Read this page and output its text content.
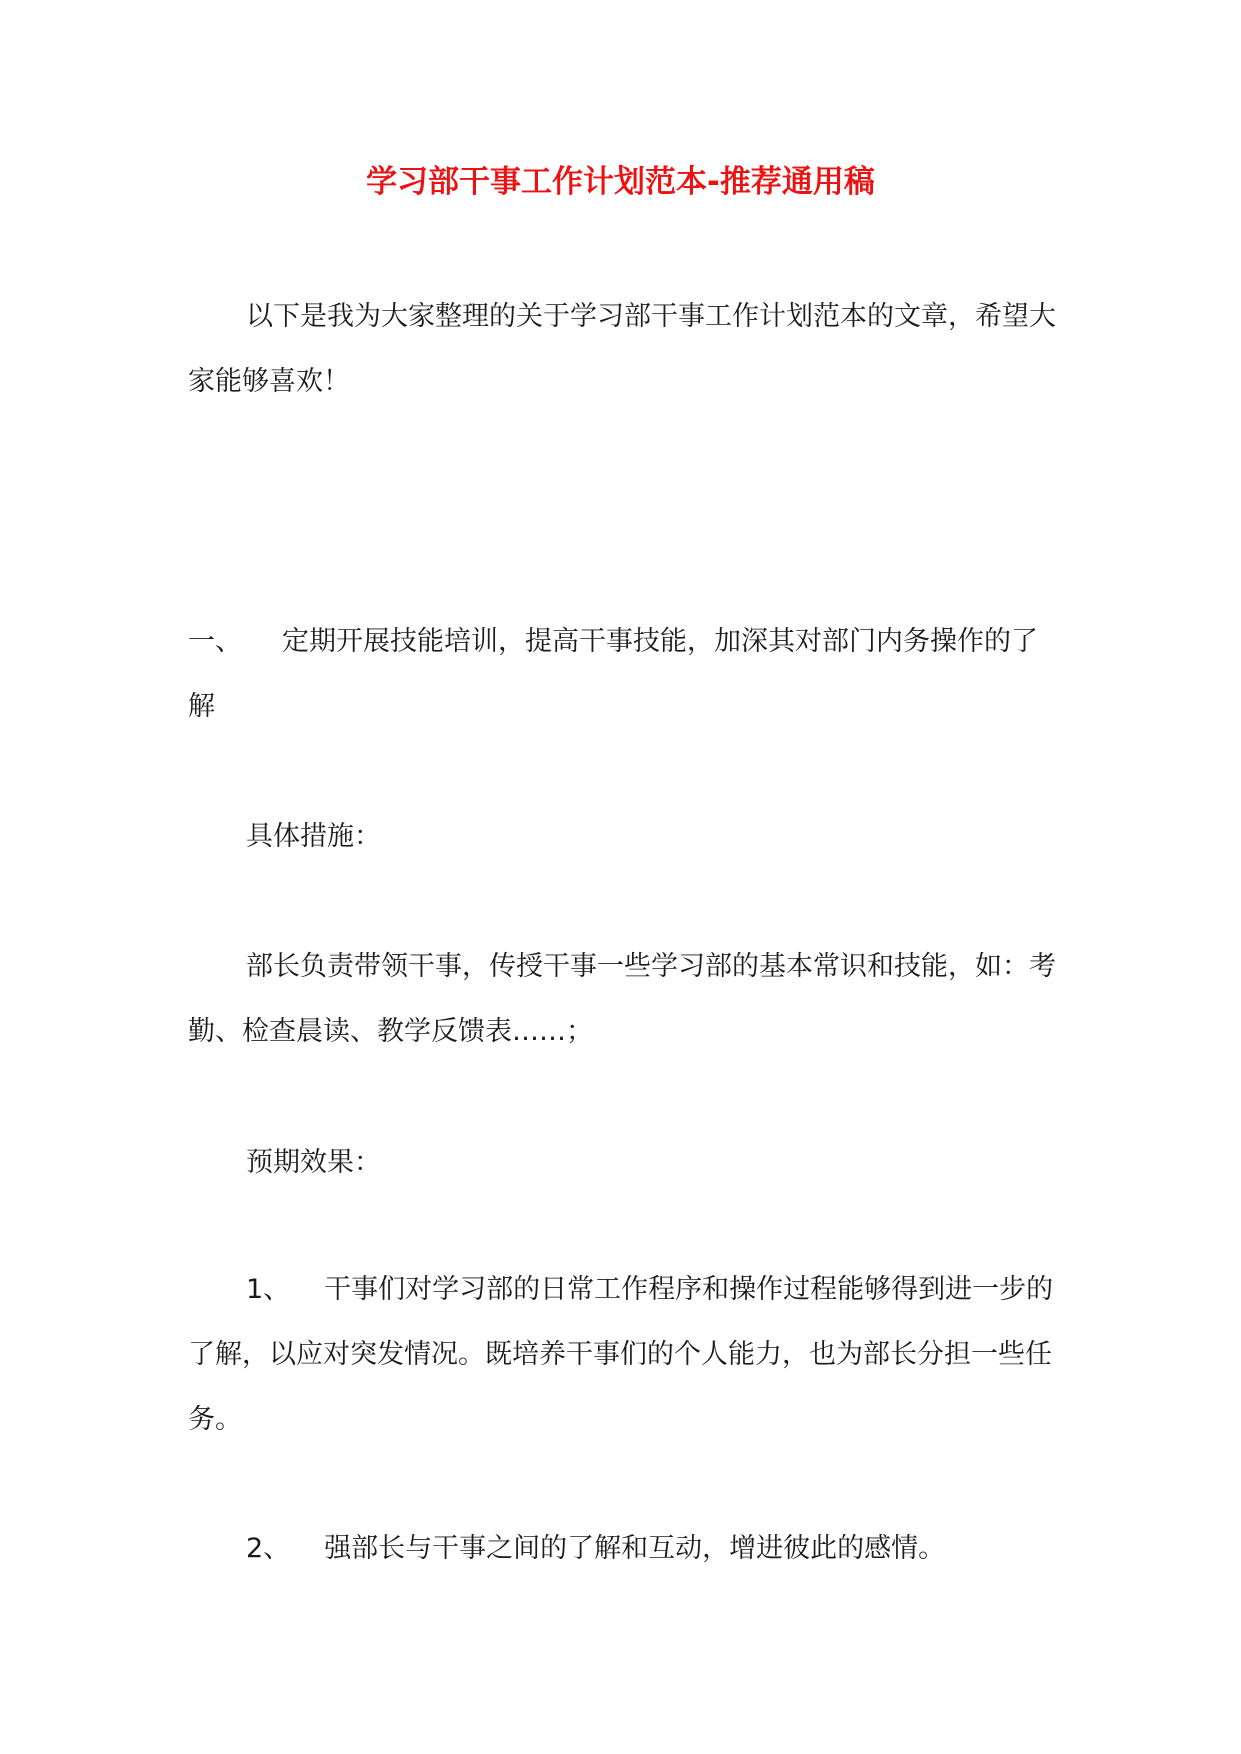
学习部干事工作计划范本-推荐通用稿
以下是我为大家整理的关于学习部干事工作计划范本的文章，希望大家能够喜欢！
一、 定期开展技能培训，提高干事技能，加深其对部门内务操作的了解
具体措施：
部长负责带领干事，传授干事一些学习部的基本常识和技能，如：考勤、检查晨读、教学反馈表……；
预期效果：
1、 干事们对学习部的日常工作程序和操作过程能够得到进一步的了解，以应对突发情况。既培养干事们的个人能力，也为部长分担一些任务。
2、 强部长与干事之间的了解和互动，增进彼此的感情。
